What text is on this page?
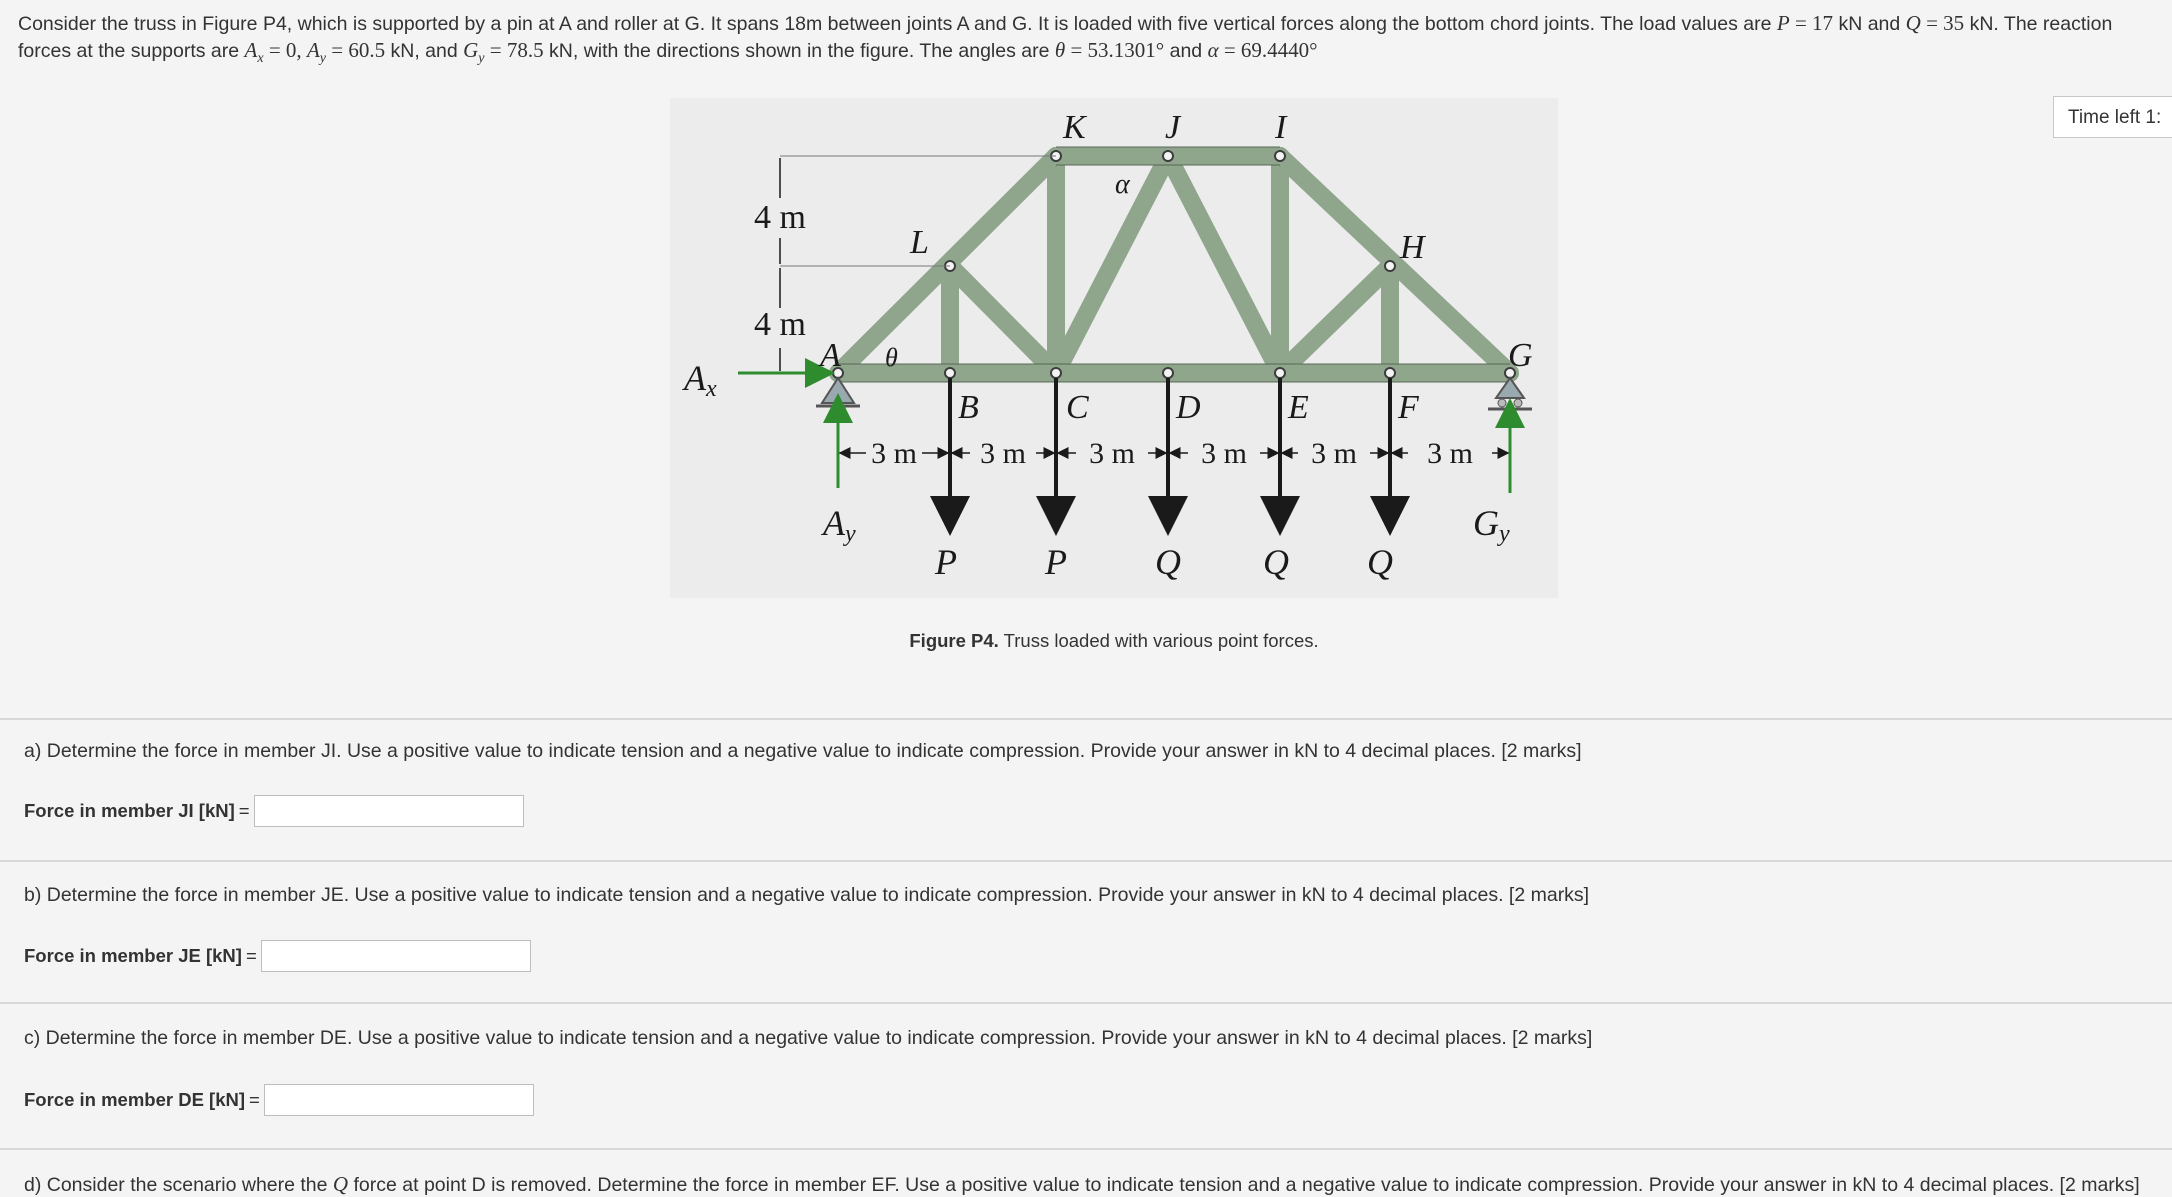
Consider the truss in Figure P4, which is supported by a pin at A and roller at G. It spans 18m between joints A and G. It is loaded with five vertical forces along the bottom chord joints. The load values are P = 17 kN and Q = 35 kN. The reaction
forces at the supports are $A_x = 0$, $A_y = 60.5$ kN, and $G_y = 78.5$ kN, with the directions shown in the figure. The angles are θ = 53.1301° and α = 69.4440°
Time left 1:
4 m
4 m
3 m 3 m 3 m 3 m 3 m 3 m
A
B	C	D	E	F
G
H
I
J
K
L
θ
α
P P Q Q Q
Ax
Ay	Gy
Figure P4. Truss loaded with various point forces.
a) Determine the force in member JI. Use a positive value to indicate tension and a negative value to indicate compression. Provide your answer in kN to 4 decimal places. [2 marks]
Force in member JI [kN] =
b) Determine the force in member JE. Use a positive value to indicate tension and a negative value to indicate compression. Provide your answer in kN to 4 decimal places. [2 marks]
Force in member JE [kN] =
c) Determine the force in member DE. Use a positive value to indicate tension and a negative value to indicate compression. Provide your answer in kN to 4 decimal places. [2 marks]
Force in member DE [kN] =
d) Consider the scenario where the Q force at point D is removed. Determine the force in member EF. Use a positive value to indicate tension and a negative value to indicate compression. Provide your answer in kN to 4 decimal places. [2 marks]
